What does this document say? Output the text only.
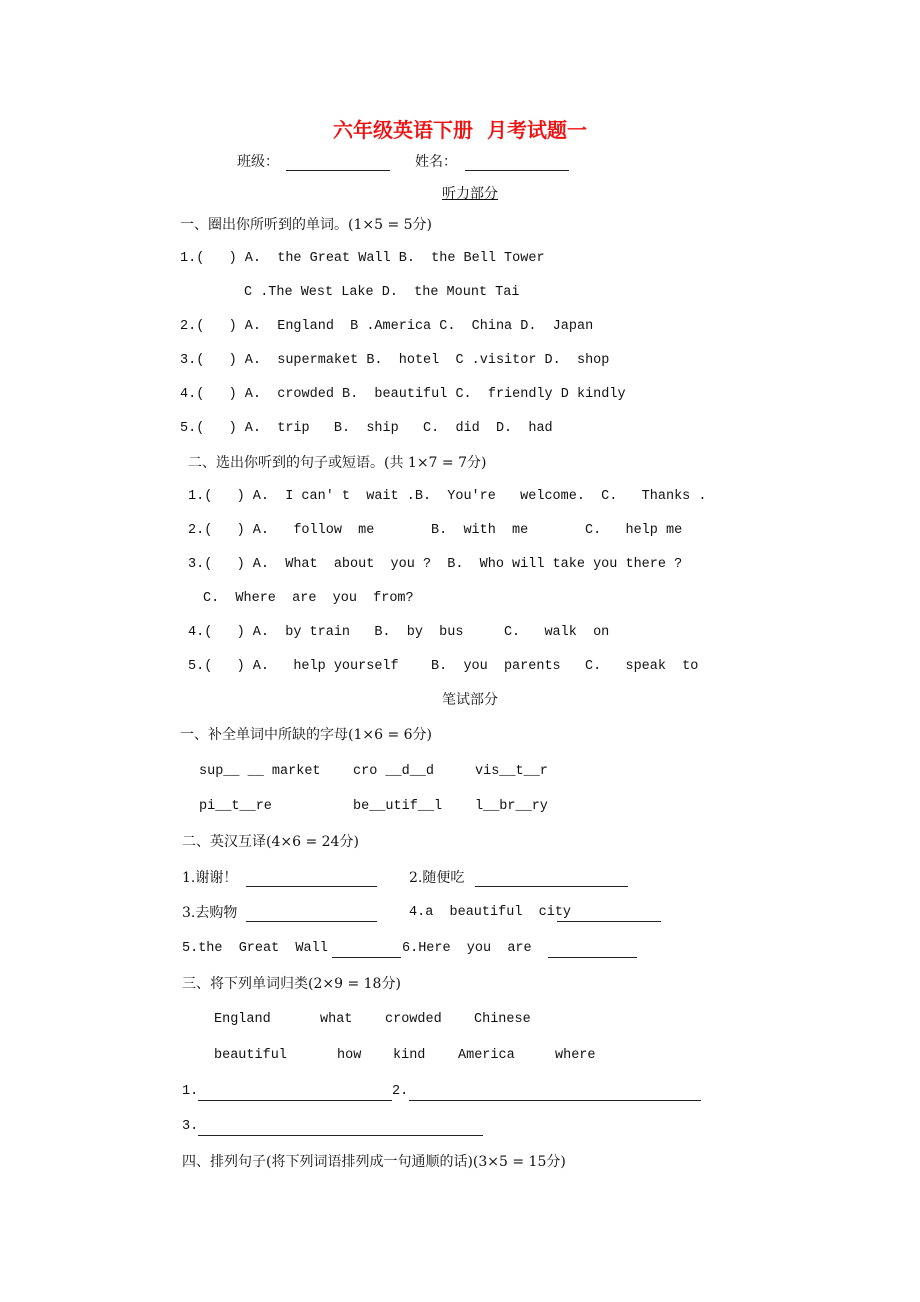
六年级英语下册  月考试题一
班级：	姓名：
听力部分
一、圈出你所听到的单词。(1×5 = 5分)
1.(   ) A.  the Great Wall B.  the Bell Tower
C .The West Lake D.  the Mount Tai
2.(   ) A.  England  B .America C.  China D.  Japan
3.(   ) A.  supermaket B.  hotel  C .visitor D.  shop
4.(   ) A.  crowded B.  beautiful C.  friendly D kindly
5.(   ) A.  trip   B.  ship   C.  did  D.  had
二、选出你听到的句子或短语。(共 1×7 = 7分)
1.(   ) A.  I can' t  wait .B.  You're   welcome.  C.   Thanks .
2.(   ) A.   follow  me       B.  with  me       C.   help me
3.(   ) A.  What  about  you ?  B.  Who will take you there ?
C.  Where  are  you  from?
4.(   ) A.  by train   B.  by  bus     C.   walk  on
5.(   ) A.   help yourself    B.  you  parents   C.   speak  to
笔试部分
一、补全单词中所缺的字母(1×6 = 6分)
sup__ __ market cro __d__d	vis__t__r
pi__t__re	be__utif__l l__br__ry
二、英汉互译(4×6 = 24分)
1.谢谢！	2.随便吃
3.去购物	4.a  beautiful  city
5.the  Great  Wall	6.Here  you  are
三、将下列单词归类(2×9 = 18分)
England	what crowded Chinese
beautiful	how kind America	where
1.	2.
3.
四、排列句子(将下列词语排列成一句通顺的话)(3×5 = 15分)
